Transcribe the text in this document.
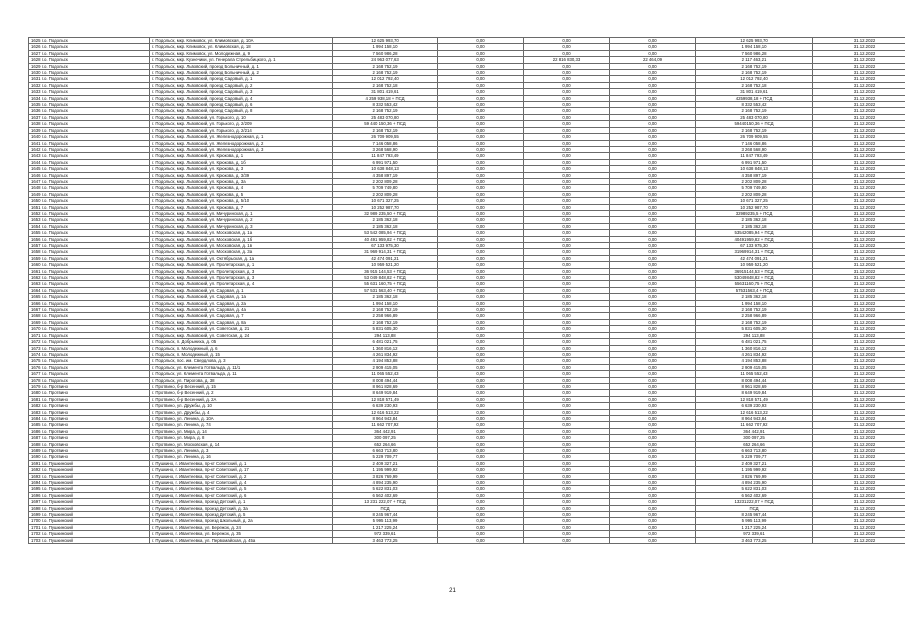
1625 г.о. Подольск	г. Подольск, мкр. Климовск, ул. Климовская, д. 10А	12 625 993,70	0,00	0,00	0,00	12 625 993,70	31.12.2022
1626 г.о. Подольск	г. Подольск, мкр. Климовск, ул. Климовская, д. 18	1 994 158,10	0,00	0,00	0,00	1 994 158,10	31.12.2022
1627 г.о. Подольск	г. Подольск, мкр. Климовск, ул. Молодежная, д. 9	7 560 986,28	0,00	0,00	0,00	7 560 986,28	31.12.2022
1628 г.о. Подольск	г. Подольск, мкр. Кузнечики, ул. Генерала Стрельбицкого, д. 1	24 963 077,63	0,00	22 816 830,33	22 464,09	2 117 463,21	31.12.2022
1629 г.о. Подольск	г. Подольск, мкр. Львовский, проезд Больничный, д. 1	2 168 752,19	0,00	0,00	0,00	2 168 752,19	31.12.2022
1630 г.о. Подольск	г. Подольск, мкр. Львовский, проезд Больничный, д. 2	2 168 752,19	0,00	0,00	0,00	2 168 752,19	31.12.2022
1631 г.о. Подольск	г. Подольск, мкр. Львовский, проезд Садовый, д. 1	12 012 792,40	0,00	0,00	0,00	12 012 792,40	31.12.2022
1632 г.о. Подольск	г. Подольск, мкр. Львовский, проезд Садовый, д. 2	2 168 752,18	0,00	0,00	0,00	2 168 752,18	31.12.2022
1633 г.о. Подольск	г. Подольск, мкр. Львовский, проезд Садовый, д. 3	31 801 419,61	0,00	0,00	0,00	31 801 419,61	31.12.2022
1634 г.о. Подольск	г. Подольск, мкр. Львовский, проезд Садовый, д. 4	4 259 938,18 + ПСД	0,00	0,00	0,00	4259938,18 + ПСД	31.12.2022
1635 г.о. Подольск	г. Подольск, мкр. Львовский, проезд Садовый, д. 6	8 332 553,42	0,00	0,00	0,00	8 332 553,42	31.12.2022
1636 г.о. Подольск	г. Подольск, мкр. Львовский, проезд Садовый, д. 8	2 168 752,19	0,00	0,00	0,00	2 168 752,19	31.12.2022
1637 г.о. Подольск	г. Подольск, мкр. Львовский, ул. Горького, д. 10	25 483 070,80	0,00	0,00	0,00	25 483 070,80	31.12.2022
1638 г.о. Подольск	г. Подольск, мкр. Львовский, ул. Горького, д. 2/209	59 440 150,36 + ПСД	0,00	0,00	0,00	59440150,36 + ПСД	31.12.2022
1639 г.о. Подольск	г. Подольск, мкр. Львовский, ул. Горького, д. 2/214	2 168 752,19	0,00	0,00	0,00	2 168 752,19	31.12.2022
1640 г.о. Подольск	г. Подольск, мкр. Львовский, ул. Железнодорожная, д. 1	26 709 909,55	0,00	0,00	0,00	26 709 909,55	31.12.2022
1641 г.о. Подольск	г. Подольск, мкр. Львовский, ул. Железнодорожная, д. 2	7 146 058,86	0,00	0,00	0,00	7 146 058,86	31.12.2022
1642 г.о. Подольск	г. Подольск, мкр. Львовский, ул. Железнодорожная, д. 3	3 268 568,90	0,00	0,00	0,00	3 268 568,90	31.12.2022
1643 г.о. Подольск	г. Подольск, мкр. Львовский, ул. Крюкова, д. 1	11 847 793,49	0,00	0,00	0,00	11 847 793,49	31.12.2022
1644 г.о. Подольск	г. Подольск, мкр. Львовский, ул. Крюкова, д. 1б	6 991 971,50	0,00	0,00	0,00	6 991 971,50	31.12.2022
1645 г.о. Подольск	г. Подольск, мкр. Львовский, ул. Крюкова, д. 3	10 638 848,13	0,00	0,00	0,00	10 638 848,13	31.12.2022
1646 г.о. Подольск	г. Подольск, мкр. Львовский, ул. Крюкова, д. 3/39	4 358 897,19	0,00	0,00	0,00	4 358 897,19	31.12.2022
1647 г.о. Подольск	г. Подольск, мкр. Львовский, ул. Крюкова, д. 3а	2 202 809,28	0,00	0,00	0,00	2 202 809,28	31.12.2022
1648 г.о. Подольск	г. Подольск, мкр. Львовский, ул. Крюкова, д. 4	5 709 749,80	0,00	0,00	0,00	5 709 749,80	31.12.2022
1649 г.о. Подольск	г. Подольск, мкр. Львовский, ул. Крюкова, д. 5	2 202 809,28	0,00	0,00	0,00	2 202 809,28	31.12.2022
1650 г.о. Подольск	г. Подольск, мкр. Львовский, ул. Крюкова, д. 5/10	10 671 327,25	0,00	0,00	0,00	10 671 327,25	31.12.2022
1651 г.о. Подольск	г. Подольск, мкр. Львовский, ул. Крюкова, д. 7	10 252 987,70	0,00	0,00	0,00	10 252 987,70	31.12.2022
1652 г.о. Подольск	г. Подольск, мкр. Львовский, ул. Мичуринская, д. 1	32 989 235,50 + ПСД	0,00	0,00	0,00	32989235,5 + ПСД	31.12.2022
1653 г.о. Подольск	г. Подольск, мкр. Львовский, ул. Мичуринская, д. 2	2 185 362,18	0,00	0,00	0,00	2 185 362,18	31.12.2022
1654 г.о. Подольск	г. Подольск, мкр. Львовский, ул. Мичуринская, д. 3	2 185 362,18	0,00	0,00	0,00	2 185 362,18	31.12.2022
1655 г.о. Подольск	г. Подольск, мкр. Львовский, ул. Московская, д. 1а	53 542 085,94 + ПСД	0,00	0,00	0,00	53542085,94 + ПСД	31.12.2022
1656 г.о. Подольск	г. Подольск, мкр. Львовский, ул. Московская, д. 1б	40 491 959,82 + ПСД	0,00	0,00	0,00	40491959,82 + ПСД	31.12.2022
1657 г.о. Подольск	г. Подольск, мкр. Львовский, ул. Московская, д. 1в	67 133 975,30	0,00	0,00	0,00	67 133 975,30	31.12.2022
1658 г.о. Подольск	г. Подольск, мкр. Львовский, ул. Московская, д. 3а	31 969 914,31 + ПСД	0,00	0,00	0,00	31969914,31 + ПСД	31.12.2022
1659 г.о. Подольск	г. Подольск, мкр. Львовский, ул. Октябрьская, д. 1а	42 474 091,21	0,00	0,00	0,00	42 474 091,21	31.12.2022
1660 г.о. Подольск	г. Подольск, мкр. Львовский, ул. Пролетарская, д. 1	10 959 521,20	0,00	0,00	0,00	10 959 521,20	31.12.2022
1661 г.о. Подольск	г. Подольск, мкр. Львовский, ул. Пролетарская, д. 3	36 915 144,53 + ПСД	0,00	0,00	0,00	36915144,53 + ПСД	31.12.2022
1662 г.о. Подольск	г. Подольск, мкр. Львовский, ул. Пролетарская, д. 3	53 049 848,82 + ПСД	0,00	0,00	0,00	53049848,82 + ПСД	31.12.2022
1663 г.о. Подольск	г. Подольск, мкр. Львовский, ул. Пролетарская, д. 4	55 631 160,75 + ПСД	0,00	0,00	0,00	55631160,75 + ПСД	31.12.2022
1664 г.о. Подольск	г. Подольск, мкр. Львовский, ул. Садовая, д. 1	57 531 563,40 + ПСД	0,00	0,00	0,00	57531563,4 + ПСД	31.12.2022
1665 г.о. Подольск	г. Подольск, мкр. Львовский, ул. Садовая, д. 1а	2 185 362,18	0,00	0,00	0,00	2 185 362,18	31.12.2022
1666 г.о. Подольск	г. Подольск, мкр. Львовский, ул. Садовая, д. 2а	1 994 158,10	0,00	0,00	0,00	1 994 158,10	31.12.2022
1667 г.о. Подольск	г. Подольск, мкр. Львовский, ул. Садовая, д. 4а	2 168 752,19	0,00	0,00	0,00	2 168 752,19	31.12.2022
1668 г.о. Подольск	г. Подольск, мкр. Львовский, ул. Садовая, д. 7	2 258 966,89	0,00	0,00	0,00	2 258 966,89	31.12.2022
1669 г.о. Подольск	г. Подольск, мкр. Львовский, ул. Садовая, д. 8а	2 168 752,19	0,00	0,00	0,00	2 168 752,19	31.12.2022
1670 г.о. Подольск	г. Подольск, мкр. Львовский, ул. Советская, д. 21	5 831 605,30	0,00	0,00	0,00	5 831 605,30	31.12.2022
1671 г.о. Подольск	г. Подольск, мкр. Львовский, ул. Советская, д. 24	294 113,88	0,00	0,00	0,00	294 113,88	31.12.2022
1672 г.о. Подольск	г. Подольск, п. Добрыниха, д. 05	6 481 021,75	0,00	0,00	0,00	6 481 021,75	31.12.2022
1673 г.о. Подольск	г. Подольск, п. Молодежный, д. 6	1 360 816,12	0,00	0,00	0,00	1 360 816,12	31.12.2022
1674 г.о. Подольск	г. Подольск, п. Молодежный, д. 15	4 261 834,92	0,00	0,00	0,00	4 261 834,92	31.12.2022
1675 г.о. Подольск	г. Подольск, пос. им. Свердлова, д. 3	4 194 853,88	0,00	0,00	0,00	4 194 853,88	31.12.2022
1676 г.о. Подольск	г. Подольск, ул. Клемента Готвальда, д. 11/1	2 909 415,05	0,00	0,00	0,00	2 909 415,05	31.12.2022
1677 г.о. Подольск	г. Подольск, ул. Клемента Готвальда, д. 11	11 065 552,43	0,00	0,00	0,00	11 065 552,43	31.12.2022
1678 г.о. Подольск	г. Подольск, ул. Пирогова, д. 38	8 008 494,44	0,00	0,00	0,00	8 008 494,44	31.12.2022
1679 г.о. Протвино	г. Протвино, б-р Весенний, д. 15	8 961 828,69	0,00	0,00	0,00	8 961 828,69	31.12.2022
1680 г.о. Протвино	г. Протвино, б-р Весенний, д. 2	8 649 919,84	0,00	0,00	0,00	8 649 919,84	31.12.2022
1681 г.о. Протвино	г. Протвино, б-р Весенний, д. 2А	12 818 571,49	0,00	0,00	0,00	12 818 571,49	31.12.2022
1682 г.о. Протвино	г. Протвино, ул. Дружбы, д. 10	6 639 230,93	0,00	0,00	0,00	6 639 230,93	31.12.2022
1683 г.о. Протвино	г. Протвино, ул. Дружбы, д. 4	12 616 513,22	0,00	0,00	0,00	12 616 513,22	31.12.2022
1684 г.о. Протвино	г. Протвино, ул. Ленина, д. 10А	8 964 943,84	0,00	0,00	0,00	8 964 943,84	31.12.2022
1685 г.о. Протвино	г. Протвино, ул. Ленина, д. 74	11 662 707,92	0,00	0,00	0,00	11 662 707,92	31.12.2022
1686 г.о. Протвино	г. Протвино, ул. Мира, д. 14	364 442,91	0,00	0,00	0,00	364 442,91	31.12.2022
1687 г.о. Протвино	г. Протвино, ул. Мира, д. 8	300 097,25	0,00	0,00	0,00	300 097,25	31.12.2022
1688 г.о. Протвино	г. Протвино, ул. Московская, д. 14	652 264,66	0,00	0,00	0,00	652 264,66	31.12.2022
1689 г.о. Протвино	г. Протвино, ул. Ленина, д. 3	6 663 713,80	0,00	0,00	0,00	6 663 713,80	31.12.2022
1690 г.о. Протвино	г. Протвино, ул. Ленина, д. 16	5 229 709,77	0,00	0,00	0,00	5 229 709,77	31.12.2022
1691 г.о. Пушкинский	г. Пушкино, г. Ивантеевка, пр-кт Советский, д. 1	2 409 327,21	0,00	0,00	0,00	2 409 327,21	31.12.2022
1692 г.о. Пушкинский	г. Пушкино, г. Ивантеевка, пр-кт Советский, д. 17	1 195 999,92	0,00	0,00	0,00	1 195 999,92	31.12.2022
1693 г.о. Пушкинский	г. Пушкино, г. Ивантеевка, пр-кт Советский, д. 2	3 826 769,99	0,00	0,00	0,00	3 826 769,99	31.12.2022
1694 г.о. Пушкинский	г. Пушкино, г. Ивантеевка, пр-кт Советский, д. 4	4 894 235,90	0,00	0,00	0,00	4 894 235,90	31.12.2022
1695 г.о. Пушкинский	г. Пушкино, г. Ивантеевка, пр-кт Советский, д. 5	5 622 831,03	0,00	0,00	0,00	5 622 831,03	31.12.2022
1696 г.о. Пушкинский	г. Пушкино, г. Ивантеевка, пр-кт Советский, д. 6	6 562 402,69	0,00	0,00	0,00	6 562 402,69	31.12.2022
1697 г.о. Пушкинский	г. Пушкино, г. Ивантеевка, проезд Детский, д. 1	13 231 222,07 + ПСД	0,00	0,00	0,00	13231222,07 + ПСД	31.12.2022
1698 г.о. Пушкинский	г. Пушкино, г. Ивантеевка, проезд Детский, д. 3а	ПСД	0,00	0,00	0,00	ПСД	31.12.2022
1699 г.о. Пушкинский	г. Пушкино, г. Ивантеевка, проезд Детский, д. 5	8 245 967,44	0,00	0,00	0,00	8 245 967,44	31.12.2022
1700 г.о. Пушкинский	г. Пушкино, г. Ивантеевка, проезд Школьный, д. 2а	5 995 113,99	0,00	0,00	0,00	5 995 113,99	31.12.2022
1701 г.о. Пушкинский	г. Пушкино, г. Ивантеевка, ул. Бережок, д. 24	1 217 225,24	0,00	0,00	0,00	1 217 225,24	31.12.2022
1702 г.о. Пушкинский	г. Пушкино, г. Ивантеевка, ул. Бережок, д. 35	972 339,61	0,00	0,00	0,00	972 339,61	31.12.2022
1703 г.о. Пушкинский	г. Пушкино, г. Ивантеевка, ул. Первомайская, д. 45а	3 463 773,25	0,00	0,00	0,00	3 463 773,25	31.12.2022
21
